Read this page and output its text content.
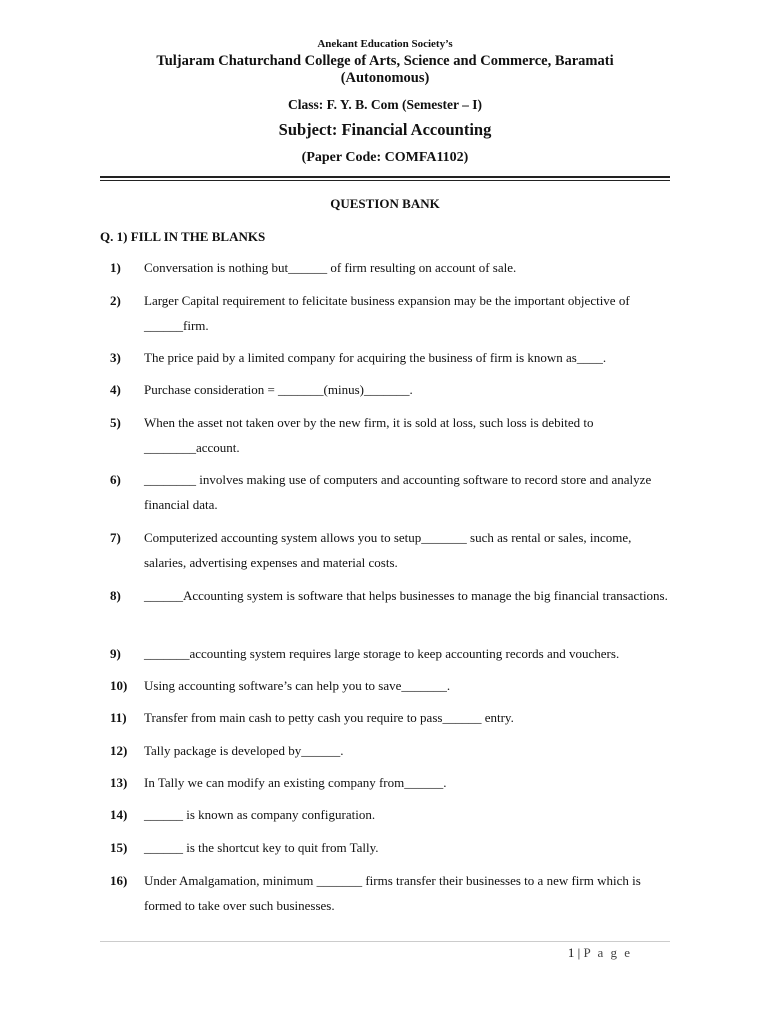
Anekant Education Society’s
Tuljaram Chaturchand College of Arts, Science and Commerce, Baramati
(Autonomous)
Class: F. Y. B. Com (Semester – I)
Subject: Financial Accounting
(Paper Code: COMFA1102)
QUESTION BANK
Q. 1) FILL IN THE BLANKS
1) Conversation is nothing but______ of firm resulting on account of sale.
2) Larger Capital requirement to felicitate business expansion may be the important objective of ______firm.
3) The price paid by a limited company for acquiring the business of firm is known as____.
4) Purchase consideration = _______(minus)_______.
5) When the asset not taken over by the new firm, it is sold at loss, such loss is debited to ________account.
6) ________ involves making use of computers and accounting software to record store and analyze financial data.
7) Computerized accounting system allows you to setup_______ such as rental or sales, income, salaries, advertising expenses and material costs.
8) ______Accounting system is software that helps businesses to manage the big financial transactions.
9) _______accounting system requires large storage to keep accounting records and vouchers.
10) Using accounting software’s can help you to save_______.
11) Transfer from main cash to petty cash you require to pass______ entry.
12) Tally package is developed by______.
13) In Tally we can modify an existing company from______.
14) ______ is known as company configuration.
15) ______ is the shortcut key to quit from Tally.
16) Under Amalgamation, minimum _______ firms transfer their businesses to a new firm which is formed to take over such businesses.
1 | P a g e
